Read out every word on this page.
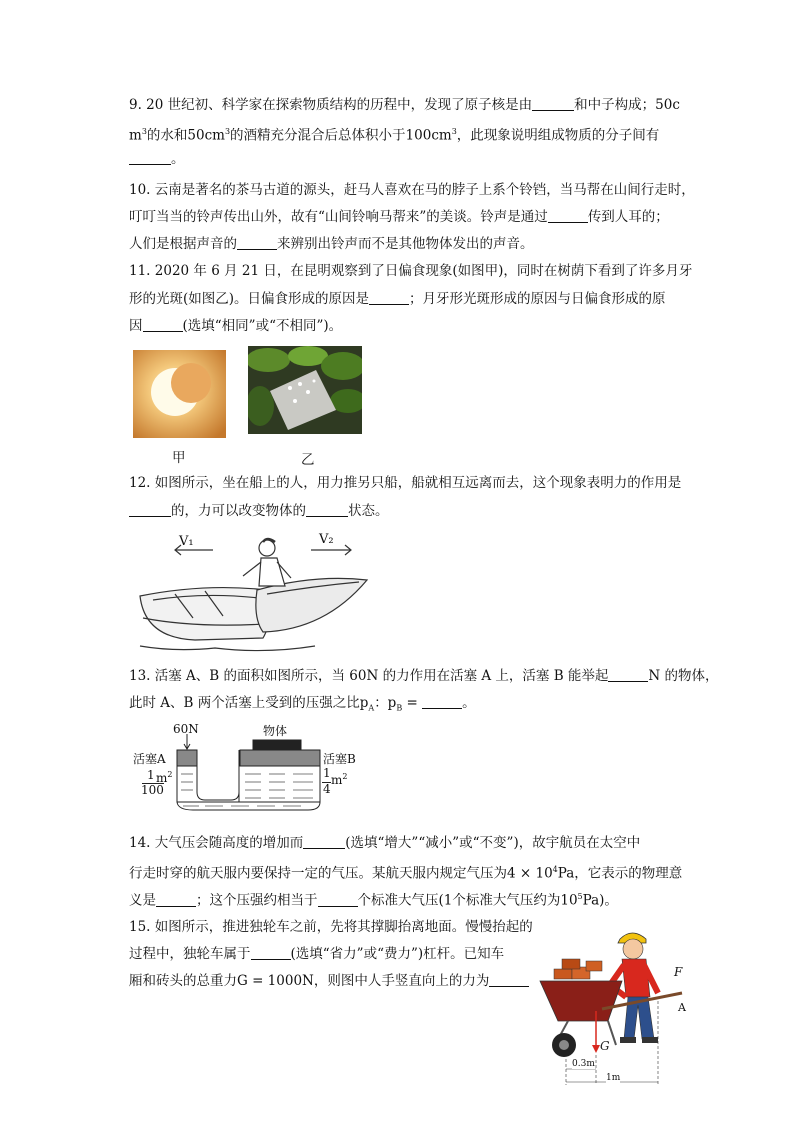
9. 20 世纪初、科学家在探索物质结构的历程中，发现了原子核是由	和中子构成；50c
$m^3$的水和$50cm^3$的酒精充分混合后总体积小于$100cm^3$，此现象说明组成物质的分子间有
。
10. 云南是著名的茶马古道的源头，赶马人喜欢在马的脖子上系个铃铛，当马帮在山间行走时，
叮叮当当的铃声传出山外，故有“山间铃响马帮来”的美谈。铃声是通过	传到人耳的；
人们是根据声音的	来辨别出铃声而不是其他物体发出的声音。
11. 2020 年 6 月 21 日，在昆明观察到了日偏食现象(如图甲)，同时在树荫下看到了许多月牙
形的光斑(如图乙)。日偏食形成的原因是	；月牙形光斑形成的原因与日偏食形成的原
因	(选填“相同”或“不相同”)。
甲	乙
12. 如图所示，坐在船上的人，用力推另只船，船就相互远离而去，这个现象表明力的作用是
的，力可以改变物体的	状态。
V₁	V₂
13. 活塞 A、B 的面积如图所示，当 60N 的力作用在活塞 A 上，活塞 B 能举起	N 的物体，
此时 A、B 两个活塞上受到的压强之比$p_A$：$p_B$ =	。
60N	物体
活塞A	活塞B
1 $m^2$
100
1 $m^2$
4
14. 大气压会随高度的增加而	(选填“增大”“减小”或“不变”)，故宇航员在太空中
行走时穿的航天服内要保持一定的气压。某航天服内规定气压为$4 \times 10^4Pa$，它表示的物理意
义是	；这个压强约相当于	个标准大气压(1个标准大气压约为$10^5Pa$)。
15. 如图所示，推进独轮车之前，先将其撑脚抬离地面。慢慢抬起的
过程中，独轮车属于	(选填“省力”或“费力”)杠杆。已知车
厢和砖头的总重力G = 1000N，则图中人手竖直向上的力为
F
A
G
0.3m
1m
